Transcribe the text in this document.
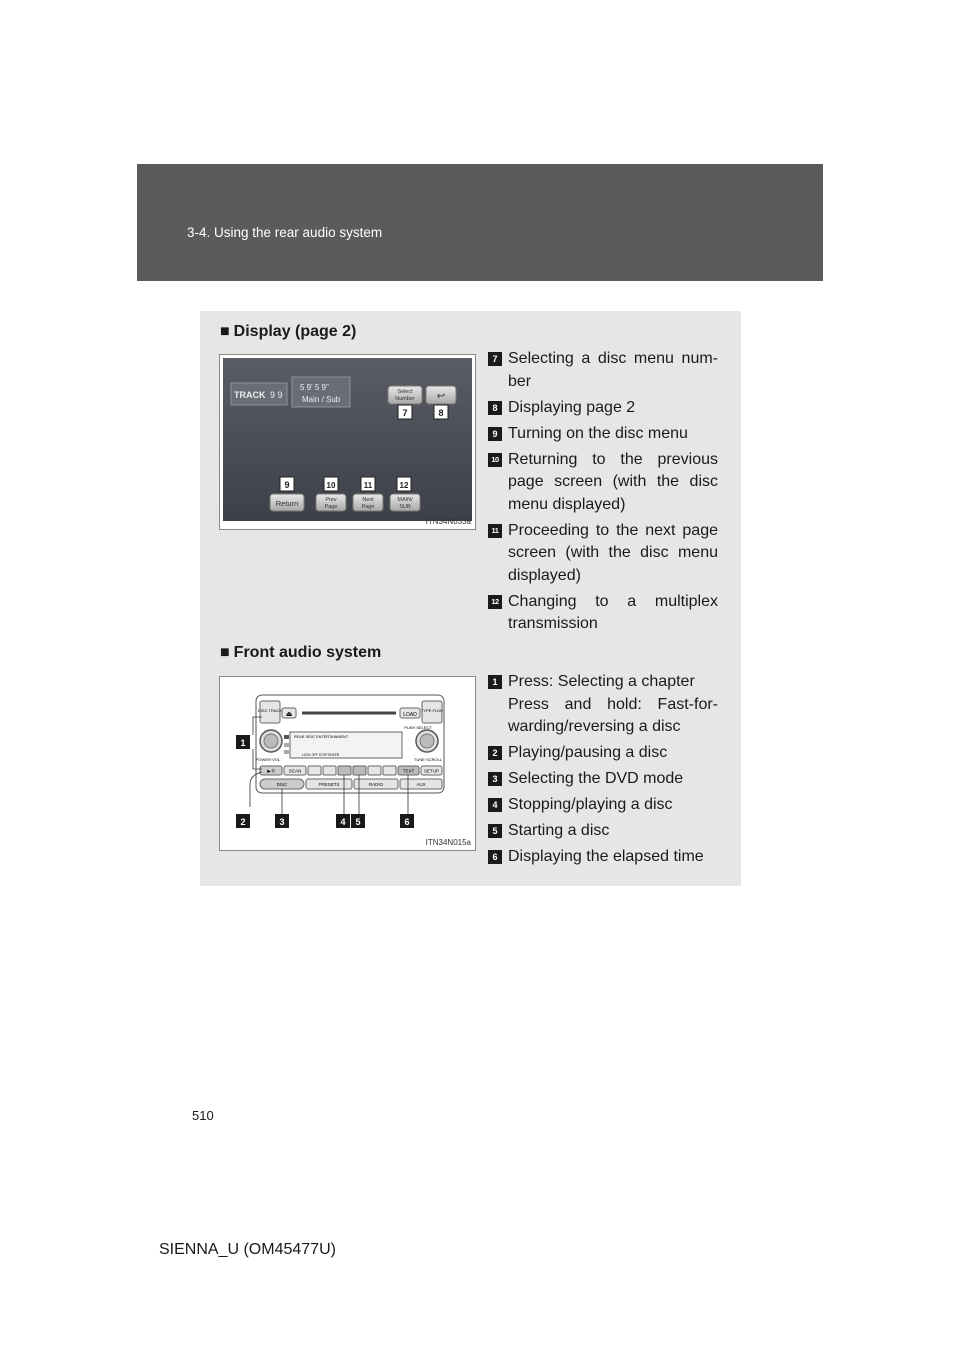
3-4. Using the rear audio system
■ Display (page 2)
TRACK 9 9
5 9' 5 9"
Main / Sub
Select
Number ↩
7	8
9	10	11	12
Return	Prev
Page
Next
Page
MAIN/
SUB
ITN34N033a
7 Selecting a disc menu num-ber
8 Displaying page 2
9 Turning on the disc menu
10 Returning to the previous page screen (with the disc menu displayed)
11 Proceeding to the next page screen (with the disc menu displayed)
12 Changing to a multiplex transmission
■ Front audio system
DISC TRACK ⏏	LOAD
TYPE FLDR
POWER·VOL	TUNE·SCROLL
PUSH SELECT
REAR SEAT ENTERTAINMENT
LOCK OFF STOP ENTER
▶·II	SCAN	TEXT SETUP
DISC	PRESETS	RADIO	AUX
1
2	3	4 5	6
ITN34N015a
1 Press: Selecting a chapter
Press and hold: Fast-for-warding/reversing a disc
2 Playing/pausing a disc
3 Selecting the DVD mode
4 Stopping/playing a disc
5 Starting a disc
6 Displaying the elapsed time
510
SIENNA_U (OM45477U)
